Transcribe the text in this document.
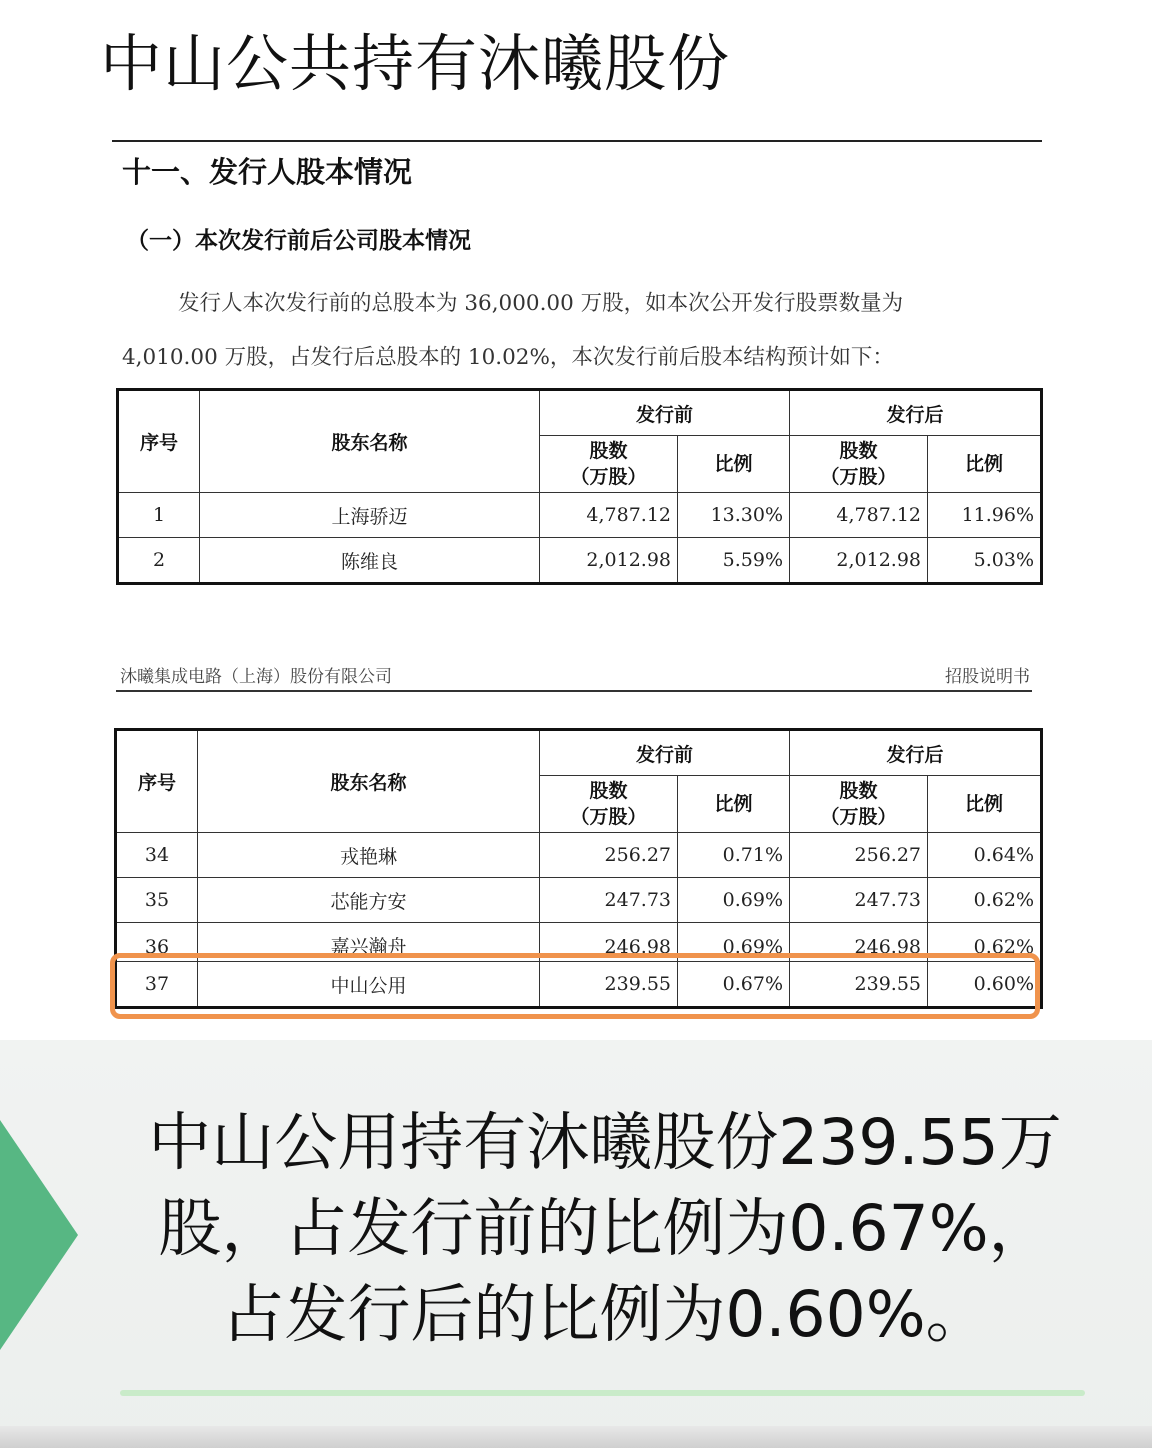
中山公共持有沐曦股份
十一、发行人股本情况
（一）本次发行前后公司股本情况
发行人本次发行前的总股本为 36,000.00 万股，如本次公开发行股票数量为
4,010.00 万股，占发行后总股本的 10.02%，本次发行前后股本结构预计如下：
序号	股东名称	发行前		发行后	
		股数
（万股）	比例	股数
（万股）	比例
1	上海骄迈	4,787.12	13.30%	4,787.12	11.96%
2	陈维良	2,012.98	5.59%	2,012.98	5.03%
沐曦集成电路（上海）股份有限公司	招股说明书
序号	股东名称	发行前		发行后	
		股数
（万股）	比例	股数
（万股）	比例
34	戎艳琳	256.27	0.71%	256.27	0.64%
35	芯能方安	247.73	0.69%	247.73	0.62%
36	嘉兴瀚舟	246.98	0.69%	246.98	0.62%
37	中山公用	239.55	0.67%	239.55	0.60%
中山公用持有沐曦股份239.55万
股，占发行前的比例为0.67%，
占发行后的比例为0.60%。
